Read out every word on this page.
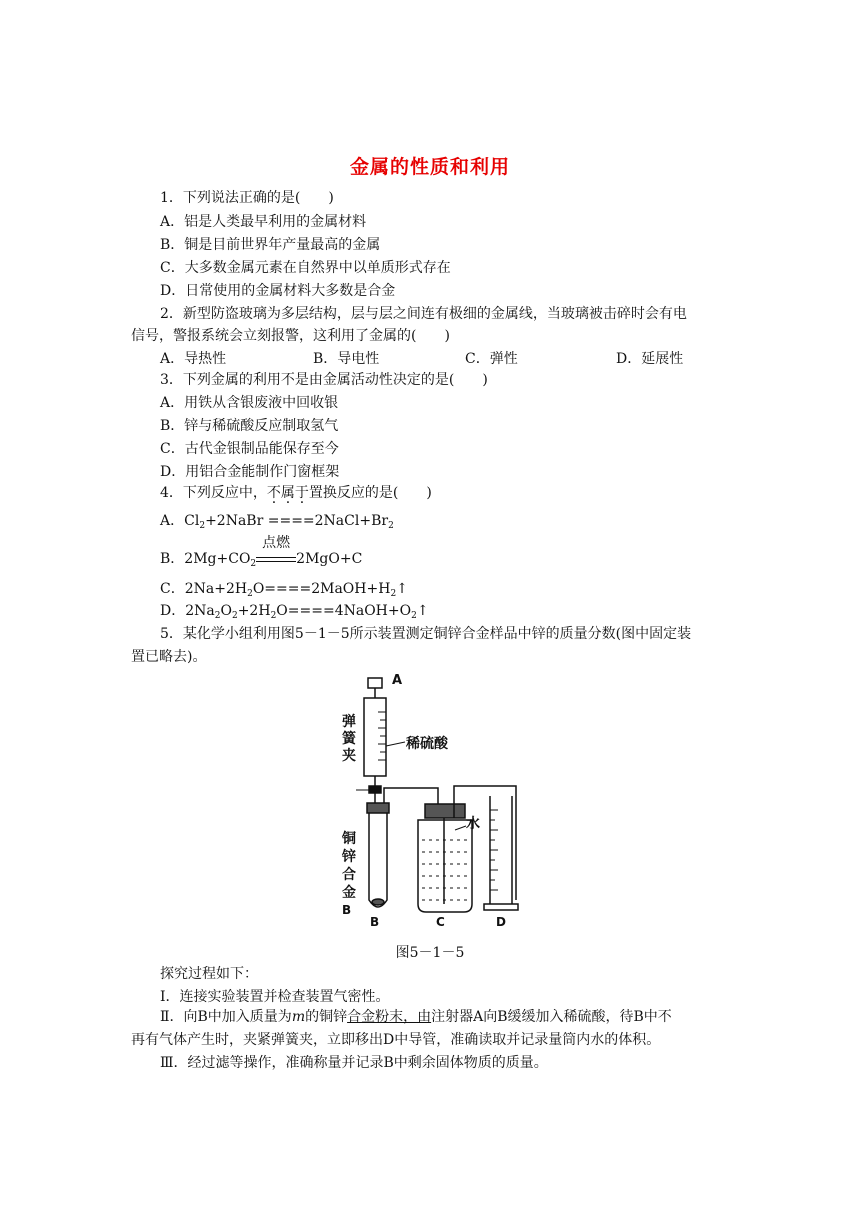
金属的性质和利用
1．下列说法正确的是(　　)
A．铝是人类最早利用的金属材料
B．铜是目前世界年产量最高的金属
C．大多数金属元素在自然界中以单质形式存在
D．日常使用的金属材料大多数是合金
2．新型防盗玻璃为多层结构，层与层之间连有极细的金属线，当玻璃被击碎时会有电
信号，警报系统会立刻报警，这利用了金属的(　　)
A．导热性	B．导电性	C．弹性	D．延展性
3．下列金属的利用不是由金属活动性决定的是(　　)
A．用铁从含银废液中回收银
B．锌与稀硫酸反应制取氢气
C．古代金银制品能保存至今
D．用铝合金能制作门窗框架
4．下列反应中，不属于置换反应的是(　　)
A．$Cl_2+2NaBr$ $====2NaCl+Br_2$
B．$2Mg+CO_2$
点燃
2MgO+C
C．$2Na+2H_2O====2MaOH+H_2↑$
D．$2Na_2O_2+2H_2O====4NaOH+O_2↑$
5．某化学小组利用图5－1－5所示装置测定铜锌合金样品中锌的质量分数(图中固定装
置已略去)。
A
稀硫酸
B
B	C	D
水
弹簧夹
铜锌合金
图5－1－5
探究过程如下：
Ⅰ．连接实验装置并检查装置气密性。
Ⅱ．向B中加入质量为m的铜锌合金粉末，由注射器A向B缓缓加入稀硫酸，待B中不
再有气体产生时，夹紧弹簧夹，立即移出D中导管，准确读取并记录量筒内水的体积。
Ⅲ．经过滤等操作，准确称量并记录B中剩余固体物质的质量。
